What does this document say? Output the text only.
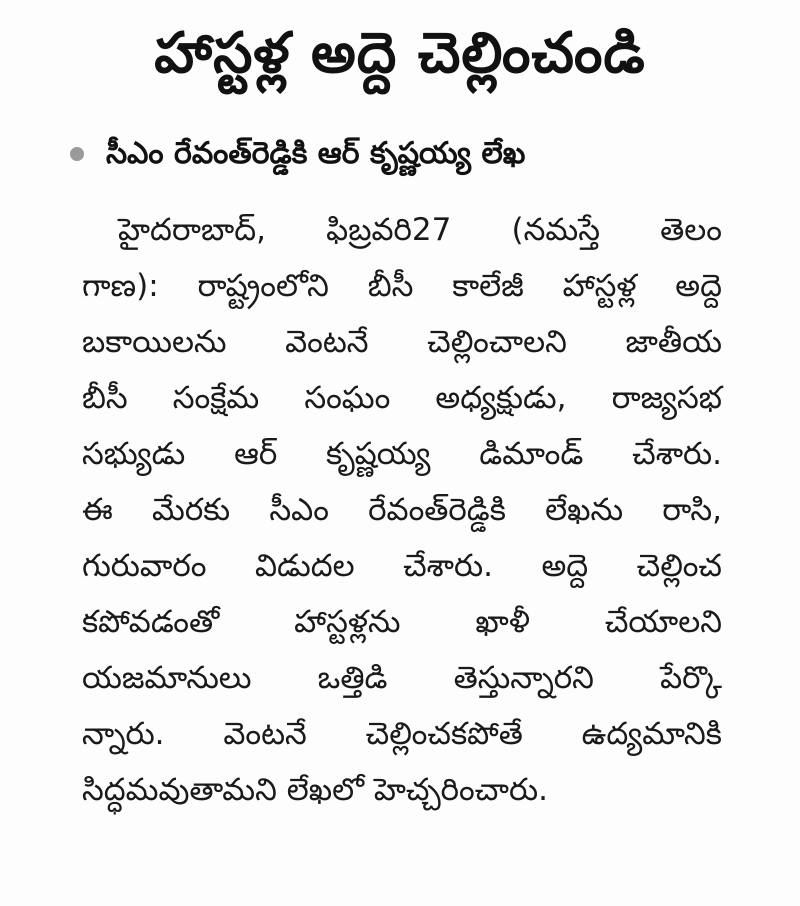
హాస్టళ్ల అద్దె చెల్లించండి
సీఎం రేవంత్‌రెడ్డికి ఆర్ కృష్ణయ్య లేఖ
హైదరాబాద్, ఫిబ్రవరి27 (నమస్తే తెలం
గాణ): రాష్ట్రంలోని బీసీ కాలేజీ హాస్టళ్ల అద్దె
బకాయిలను వెంటనే చెల్లించాలని జాతీయ
బీసీ సంక్షేమ సంఘం అధ్యక్షుడు, రాజ్యసభ
సభ్యుడు ఆర్ కృష్ణయ్య డిమాండ్ చేశారు.
ఈ మేరకు సీఎం రేవంత్‌రెడ్డికి లేఖను రాసి,
గురువారం విడుదల చేశారు. అద్దె చెల్లించ
కపోవడంతో హాస్టళ్లను ఖాళీ చేయాలని
యజమానులు ఒత్తిడి తెస్తున్నారని పేర్కొ
న్నారు. వెంటనే చెల్లించకపోతే ఉద్యమానికి
సిద్ధమవుతామని లేఖలో హెచ్చరించారు.
